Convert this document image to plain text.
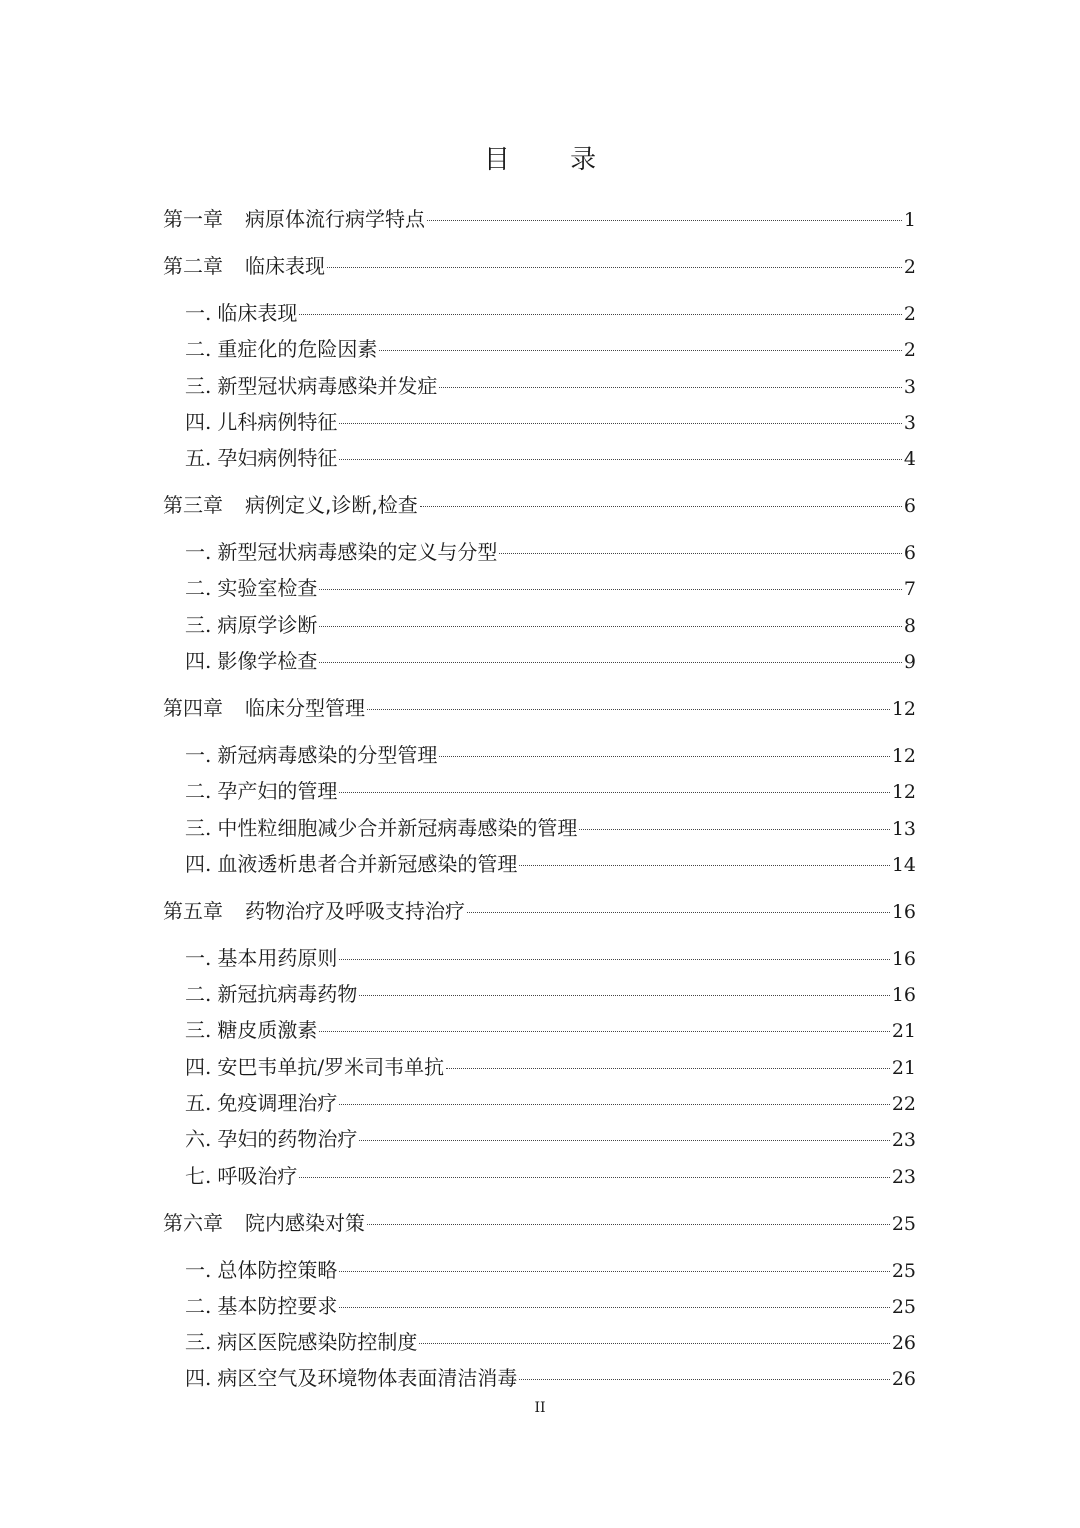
目 录
第一章 病原体流行病学特点	1
第二章 临床表现	2
一. 临床表现	2
二. 重症化的危险因素	2
三. 新型冠状病毒感染并发症	3
四. 儿科病例特征	3
五. 孕妇病例特征	4
第三章 病例定义,诊断,检查	6
一. 新型冠状病毒感染的定义与分型	6
二. 实验室检查	7
三. 病原学诊断	8
四. 影像学检查	9
第四章 临床分型管理	12
一. 新冠病毒感染的分型管理	12
二. 孕产妇的管理	12
三. 中性粒细胞减少合并新冠病毒感染的管理	13
四. 血液透析患者合并新冠感染的管理	14
第五章 药物治疗及呼吸支持治疗	16
一. 基本用药原则	16
二. 新冠抗病毒药物	16
三. 糖皮质激素	21
四. 安巴韦单抗/罗米司韦单抗	21
五. 免疫调理治疗	22
六. 孕妇的药物治疗	23
七. 呼吸治疗	23
第六章 院内感染对策	25
一. 总体防控策略	25
二. 基本防控要求	25
三. 病区医院感染防控制度	26
四. 病区空气及环境物体表面清洁消毒	26
II
